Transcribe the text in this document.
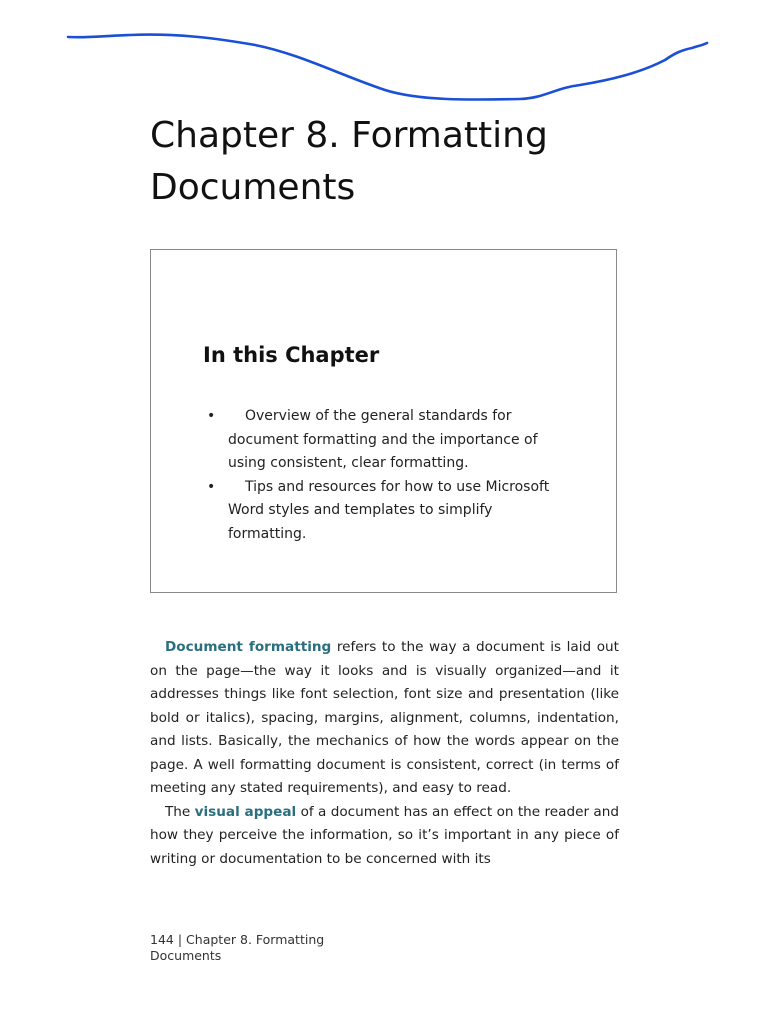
Chapter 8. Formatting
Documents
In this Chapter
•	Overview of the general standards for document formatting and the importance of using consistent, clear formatting.
•	Tips and resources for how to use Microsoft Word styles and templates to simplify formatting.

Document formatting refers to the way a document is laid out on the page—the way it looks and is visually organized—and it addresses things like font selection, font size and presentation (like bold or italics), spacing, margins, alignment, columns, indentation, and lists. Basically, the mechanics of how the words appear on the page. A well formatting document is consistent, correct (in terms of meeting any stated requirements), and easy to read.

The visual appeal of a document has an effect on the reader and how they perceive the information, so it’s important in any piece of writing or documentation to be concerned with its

144 | Chapter 8. Formatting
Documents
